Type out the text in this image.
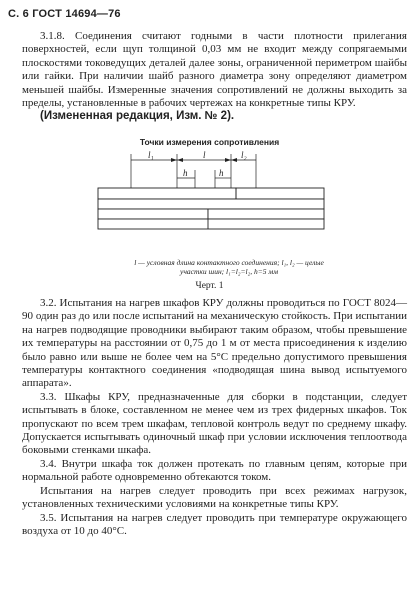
С. 6 ГОСТ 14694—76

3.1.8. Соединения считают годными в части плотности прилегания поверхностей, если щуп толщиной 0,03 мм не входит между сопрягаемыми плоскостями токоведущих деталей далее зоны, ограниченной периметром шайбы или гайки. При наличии шайб разного диаметра зону определяют диаметром меньшей шайбы. Измеренные значения сопротивлений не должны выходить за пределы, установленные в рабочих чертежах на конкретные типы КРУ.

(Измененная редакция, Изм. № 2).

Точки измерения сопротивления
l₁	l	l₂
h	h
l — условная длина контактного соединения; l₁, l₂ — целые участки шин; l₁=l₂=l₂, h=5 мм
Черт. 1

3.2. Испытания на нагрев шкафов КРУ должны проводиться по ГОСТ 8024—90 один раз до или после испытаний на механическую стойкость. При испытании на нагрев подводящие проводники выбирают таким образом, чтобы превышение их температуры на расстоянии от 0,75 до 1 м от места присоединения к изделию было равно или выше не более чем на 5°С предельно допустимого превышения температуры контактного соединения «подводящая шина вывод испытуемого аппарата».

3.3. Шкафы КРУ, предназначенные для сборки в подстанции, следует испытывать в блоке, составленном не менее чем из трех фидерных шкафов. Ток пропускают по всем трем шкафам, тепловой контроль ведут по среднему шкафу. Допускается испытывать одиночный шкаф при условии исключения теплоотвода боковыми стенками шкафа.

3.4. Внутри шкафа ток должен протекать по главным цепям, которые при нормальной работе одновременно обтекаются током.

Испытания на нагрев следует проводить при всех режимах нагрузок, установленных техническими условиями на конкретные типы КРУ.

3.5. Испытания на нагрев следует проводить при температуре окружающего воздуха от 10 до 40°С.
